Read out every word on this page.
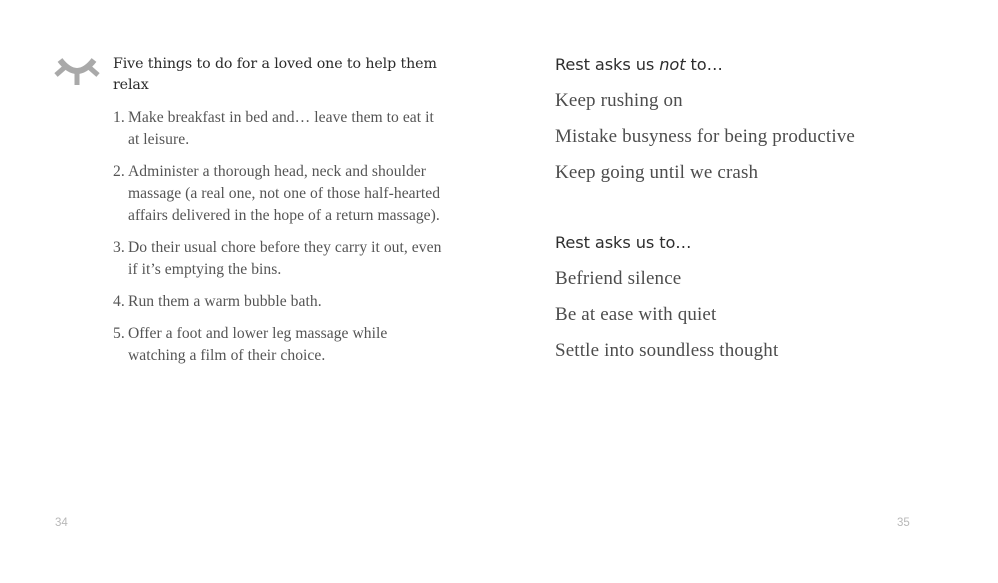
Five things to do for a loved one to help them relax
1. Make breakfast in bed and… leave them to eat it at leisure.
2. Administer a thorough head, neck and shoulder massage (a real one, not one of those half-hearted affairs delivered in the hope of a return massage).
3. Do their usual chore before they carry it out, even if it’s emptying the bins.
4. Run them a warm bubble bath.
5. Offer a foot and lower leg massage while watching a film of their choice.
34
Rest asks us not to…
Keep rushing on
Mistake busyness for being productive
Keep going until we crash
Rest asks us to…
Befriend silence
Be at ease with quiet
Settle into soundless thought
35
